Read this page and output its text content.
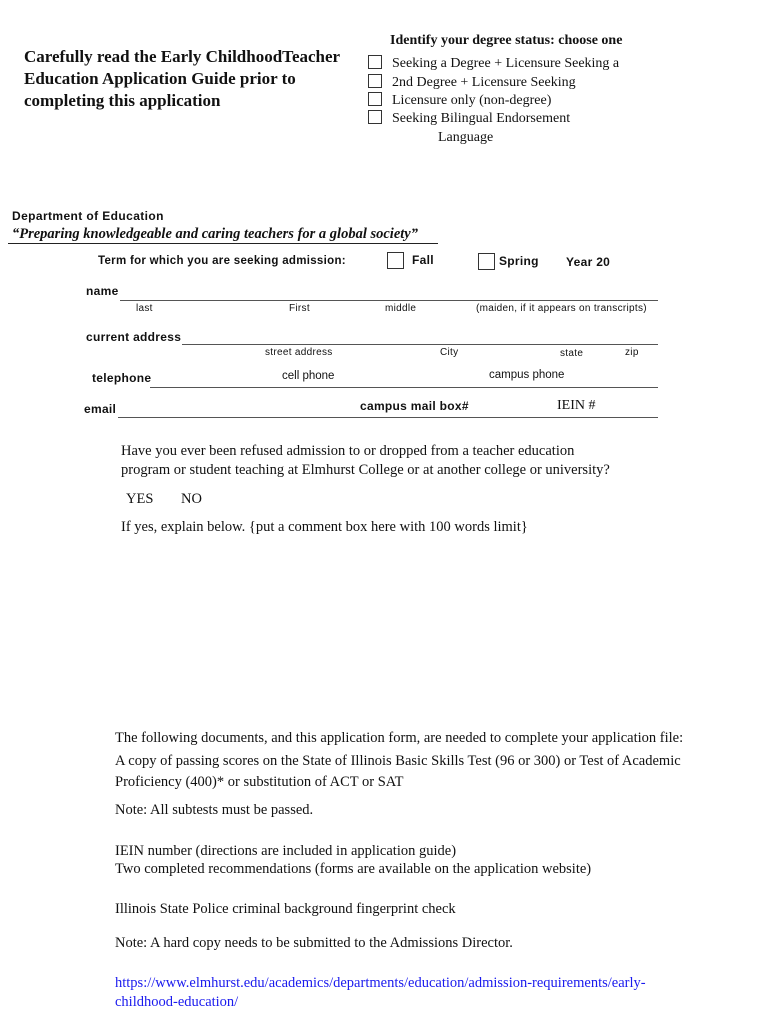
Carefully read the Early ChildhoodTeacher
Education Application Guide prior to
completing this application
Identify your degree status: choose one
Seeking a Degree + Licensure Seeking a
2nd Degree + Licensure Seeking
Licensure only (non-degree)
Seeking Bilingual Endorsement
Language
Department of Education
“Preparing knowledgeable and caring teachers for a global society”
Term for which you are seeking admission:	Fall	Spring Year 20
name
last	First	middle	(maiden, if it appears on transcripts)
current address
street address	City	state	zip
telephone	cell phone	campus phone
email	campus mail box#	IEIN #
Have you ever been refused admission to or dropped from a teacher education
program or student teaching at Elmhurst College or at another college or university?
YES NO
If yes, explain below. {put a comment box here with 100 words limit}
The following documents, and this application form, are needed to complete your application file:
A copy of passing scores on the State of Illinois Basic Skills Test (96 or 300) or Test of Academic
Proficiency (400)* or substitution of ACT or SAT
Note: All subtests must be passed.
IEIN number (directions are included in application guide)
Two completed recommendations (forms are available on the application website)
Illinois State Police criminal background fingerprint check
Note: A hard copy needs to be submitted to the Admissions Director.
https://www.elmhurst.edu/academics/departments/education/admission-requirements/early-
childhood-education/
